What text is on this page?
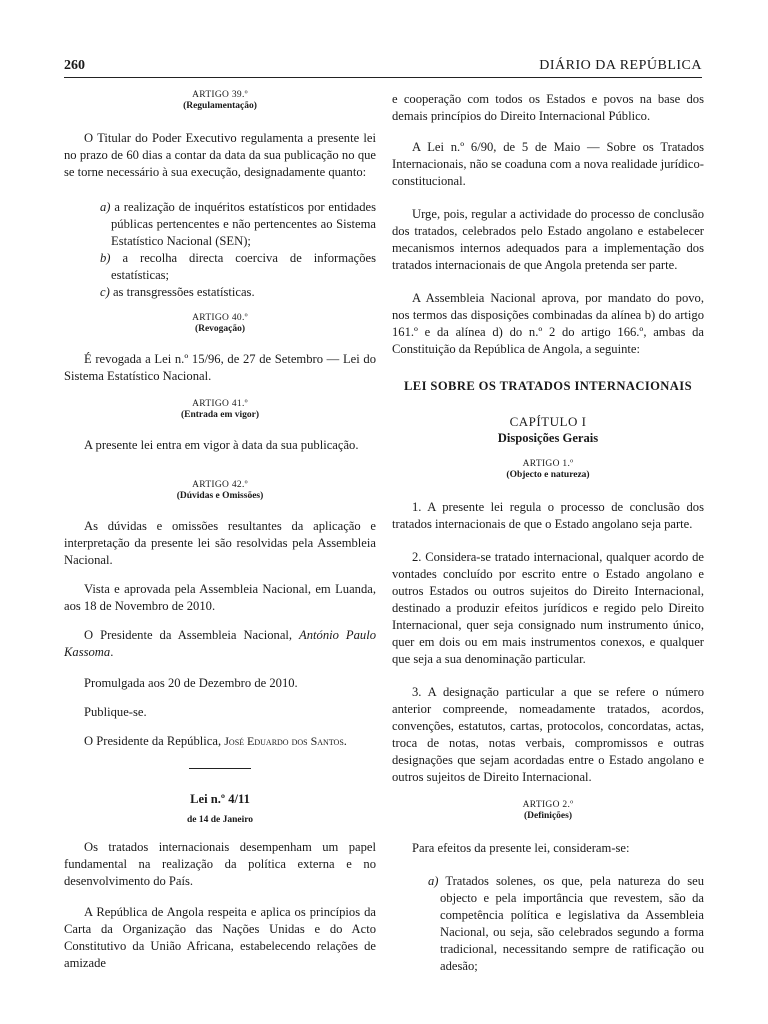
260	DIÁRIO DA REPÚBLICA
ARTIGO 39.º
(Regulamentação)

O Titular do Poder Executivo regulamenta a presente lei no prazo de 60 dias a contar da data da sua publicação no que se torne necessário à sua execução, designadamente quanto:

a) a realização de inquéritos estatísticos por entidades públicas pertencentes e não pertencentes ao Sistema Estatístico Nacional (SEN);
b) a recolha directa coerciva de informações estatísticas;
c) as transgressões estatísticas.
ARTIGO 40.º
(Revogação)

É revogada a Lei n.º 15/96, de 27 de Setembro — Lei do Sistema Estatístico Nacional.

ARTIGO 41.º
(Entrada em vigor)

A presente lei entra em vigor à data da sua publicação.

ARTIGO 42.º
(Dúvidas e Omissões)

As dúvidas e omissões resultantes da aplicação e interpretação da presente lei são resolvidas pela Assembleia Nacional.

Vista e aprovada pela Assembleia Nacional, em Luanda, aos 18 de Novembro de 2010.

O Presidente da Assembleia Nacional, António Paulo Kassoma.

Promulgada aos 20 de Dezembro de 2010.

Publique-se.

O Presidente da República, José Eduardo dos Santos.

Lei n.º 4/11
de 14 de Janeiro

Os tratados internacionais desempenham um papel fundamental na realização da política externa e no desenvolvimento do País.

A República de Angola respeita e aplica os princípios da Carta da Organização das Nações Unidas e do Acto Constitutivo da União Africana, estabelecendo relações de amizade

e cooperação com todos os Estados e povos na base dos demais princípios do Direito Internacional Público.

A Lei n.º 6/90, de 5 de Maio — Sobre os Tratados Internacionais, não se coaduna com a nova realidade jurídico-constitucional.

Urge, pois, regular a actividade do processo de conclusão dos tratados, celebrados pelo Estado angolano e estabelecer mecanismos internos adequados para a implementação dos tratados internacionais de que Angola pretenda ser parte.

A Assembleia Nacional aprova, por mandato do povo, nos termos das disposições combinadas da alínea b) do artigo 161.º e da alínea d) do n.º 2 do artigo 166.º, ambas da Constituição da República de Angola, a seguinte:

LEI SOBRE OS TRATADOS INTERNACIONAIS
CAPÍTULO I
Disposições Gerais
ARTIGO 1.º
(Objecto e natureza)

1. A presente lei regula o processo de conclusão dos tratados internacionais de que o Estado angolano seja parte.

2. Considera-se tratado internacional, qualquer acordo de vontades concluído por escrito entre o Estado angolano e outros Estados ou outros sujeitos do Direito Internacional, destinado a produzir efeitos jurídicos e regido pelo Direito Internacional, quer seja consignado num instrumento único, quer em dois ou em mais instrumentos conexos, e qualquer que seja a sua denominação particular.

3. A designação particular a que se refere o número anterior compreende, nomeadamente tratados, acordos, convenções, estatutos, cartas, protocolos, concordatas, actas, troca de notas, notas verbais, compromissos e outras designações que sejam acordadas entre o Estado angolano e outros sujeitos de Direito Internacional.

ARTIGO 2.º
(Definições)

Para efeitos da presente lei, consideram-se:

a) Tratados solenes, os que, pela natureza do seu objecto e pela importância que revestem, são da competência política e legislativa da Assembleia Nacional, ou seja, são celebrados segundo a forma tradicional, necessitando sempre de ratificação ou adesão;
